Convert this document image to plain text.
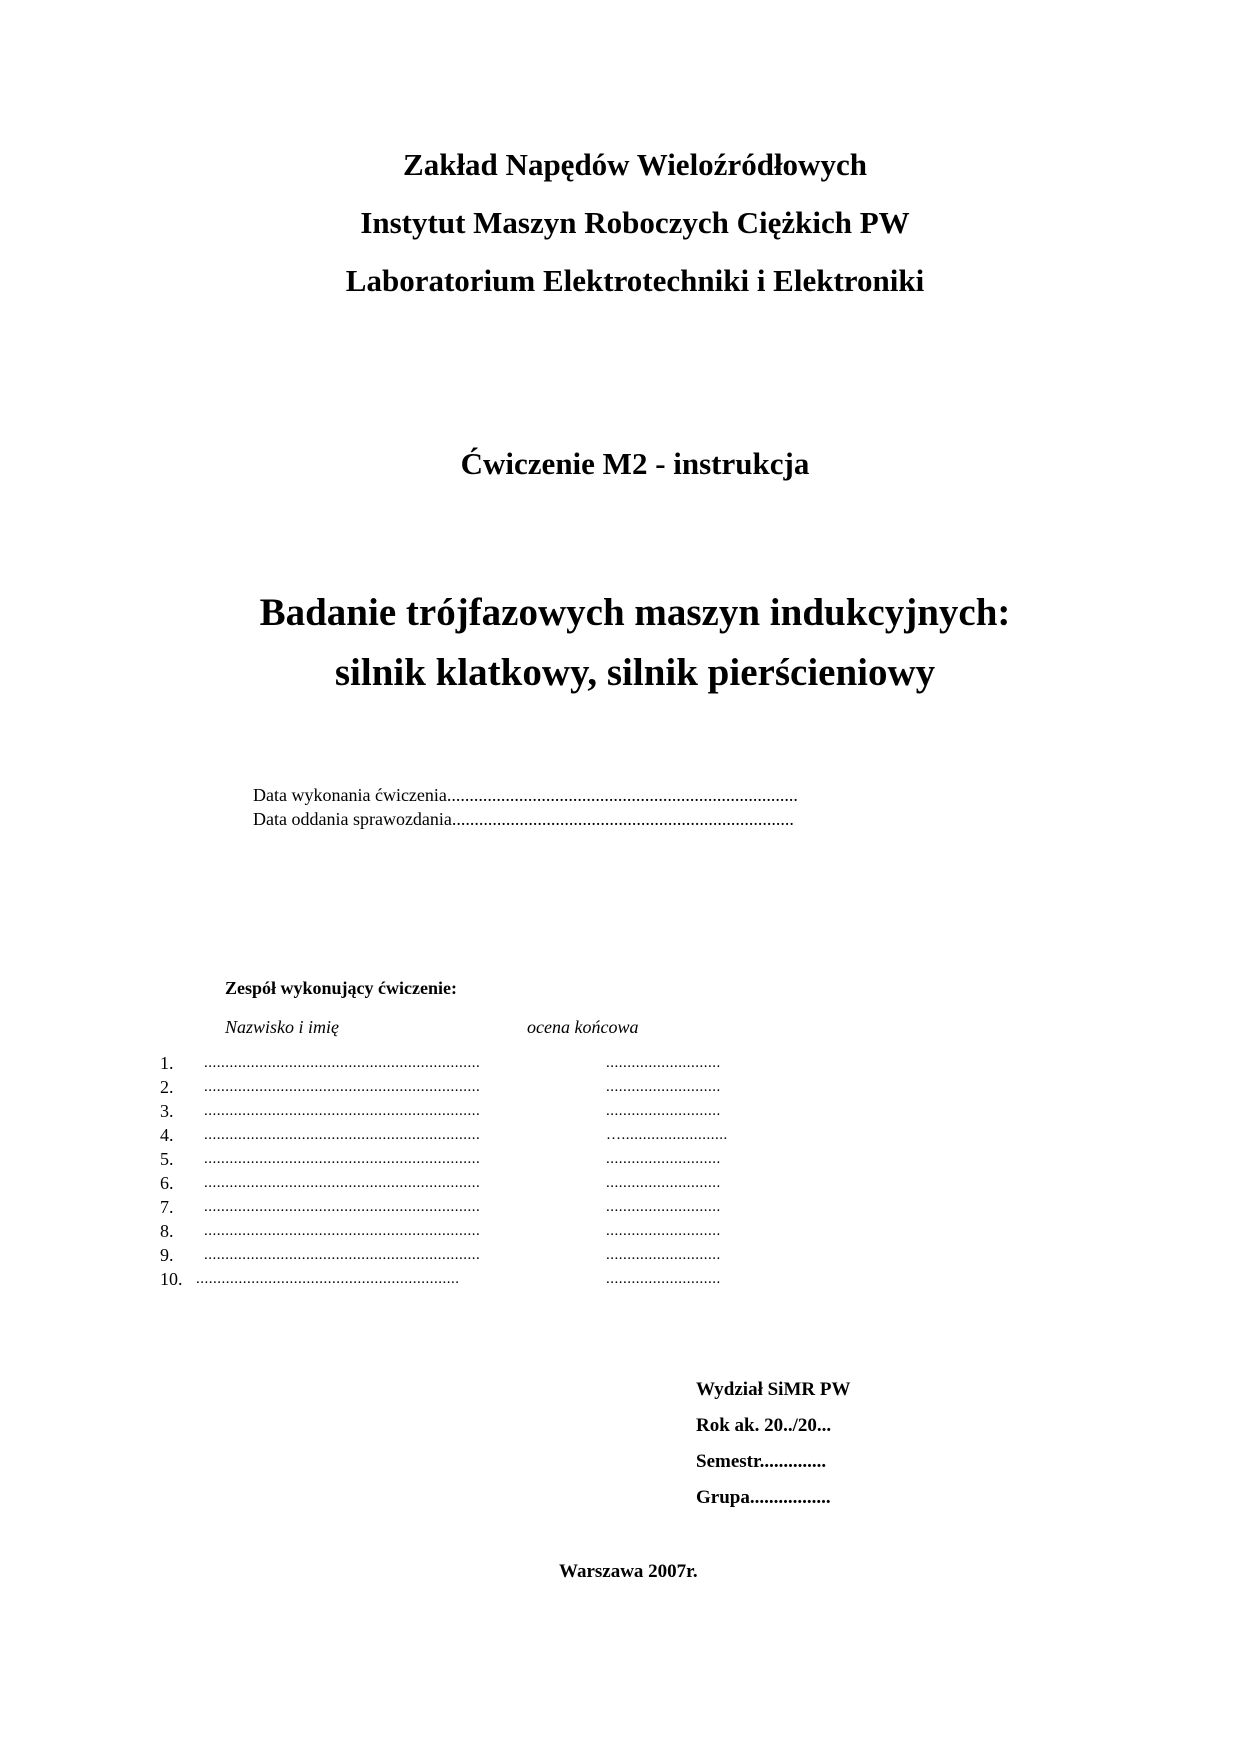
Zakład Napędów Wieloźródłowych
Instytut Maszyn Roboczych Ciężkich PW
Laboratorium Elektrotechniki i Elektroniki
Ćwiczenie M2 - instrukcja
Badanie trójfazowych maszyn indukcyjnych:
silnik klatkowy, silnik pierścieniowy
Data wykonania ćwiczenia..............................................................................
Data oddania sprawozdania............................................................................
Zespół wykonujący ćwiczenie:
Nazwisko i imię	ocena końcowa
1. .................................................................	...........................
2. .................................................................	...........................
3. .................................................................	...........................
4. .................................................................	….........................
5. .................................................................	...........................
6. .................................................................	...........................
7. .................................................................	...........................
8. .................................................................	...........................
9. .................................................................	...........................
10. ..............................................................	...........................
Wydział SiMR PW
Rok ak. 20../20...
Semestr..............
Grupa.................
Warszawa 2007r.
